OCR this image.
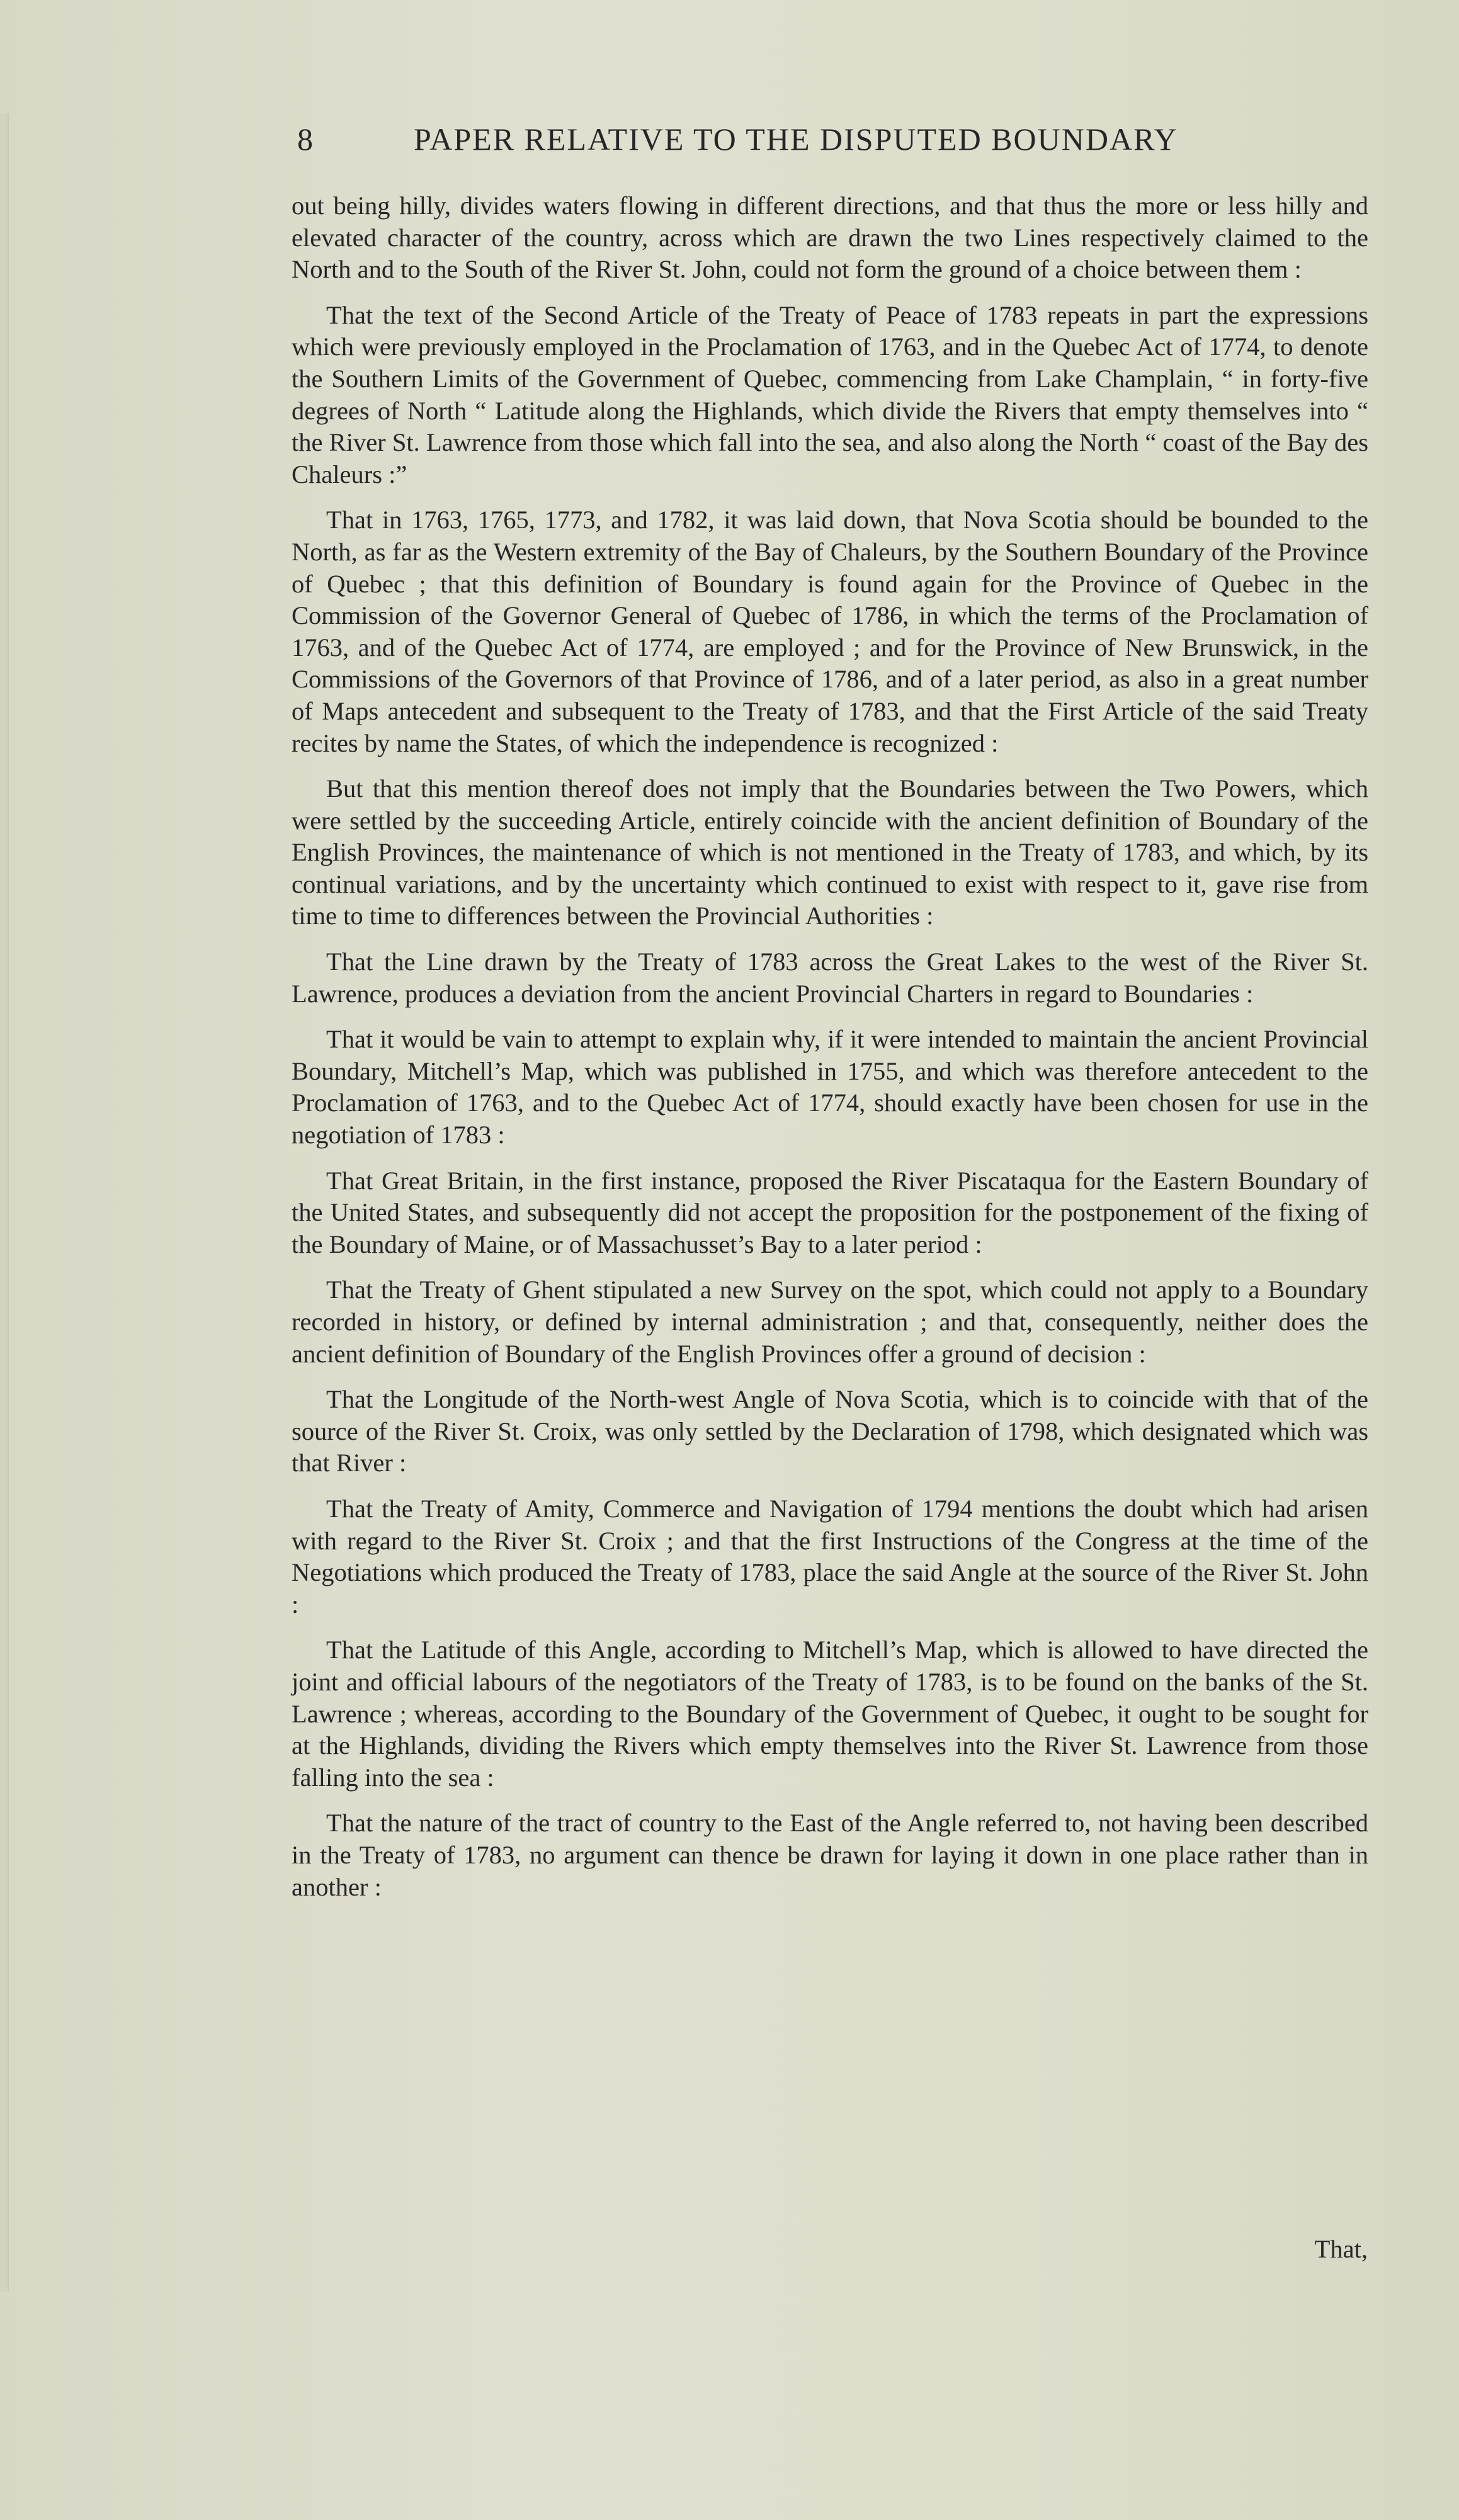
8	PAPER RELATIVE TO THE DISPUTED BOUNDARY

out being hilly, divides waters flowing in different directions, and that thus the more or less hilly and elevated character of the country, across which are drawn the two Lines respectively claimed to the North and to the South of the River St. John, could not form the ground of a choice between them :

That the text of the Second Article of the Treaty of Peace of 1783 repeats in part the expressions which were previously employed in the Proclamation of 1763, and in the Quebec Act of 1774, to denote the Southern Limits of the Government of Quebec, commencing from Lake Champlain, “ in forty-five degrees of North “ Latitude along the Highlands, which divide the Rivers that empty themselves into “ the River St. Lawrence from those which fall into the sea, and also along the North “ coast of the Bay des Chaleurs :”

That in 1763, 1765, 1773, and 1782, it was laid down, that Nova Scotia should be bounded to the North, as far as the Western extremity of the Bay of Chaleurs, by the Southern Boundary of the Province of Quebec ; that this definition of Boundary is found again for the Province of Quebec in the Commission of the Governor General of Quebec of 1786, in which the terms of the Proclamation of 1763, and of the Quebec Act of 1774, are employed ; and for the Province of New Brunswick, in the Commissions of the Governors of that Province of 1786, and of a later period, as also in a great number of Maps antecedent and subsequent to the Treaty of 1783, and that the First Article of the said Treaty recites by name the States, of which the independence is recognized :

But that this mention thereof does not imply that the Boundaries between the Two Powers, which were settled by the succeeding Article, entirely coincide with the ancient definition of Boundary of the English Provinces, the maintenance of which is not mentioned in the Treaty of 1783, and which, by its continual variations, and by the uncertainty which continued to exist with respect to it, gave rise from time to time to differences between the Provincial Authorities :

That the Line drawn by the Treaty of 1783 across the Great Lakes to the west of the River St. Lawrence, produces a deviation from the ancient Provincial Charters in regard to Boundaries :

That it would be vain to attempt to explain why, if it were intended to maintain the ancient Provincial Boundary, Mitchell’s Map, which was published in 1755, and which was therefore antecedent to the Proclamation of 1763, and to the Quebec Act of 1774, should exactly have been chosen for use in the negotiation of 1783 :

That Great Britain, in the first instance, proposed the River Piscataqua for the Eastern Boundary of the United States, and subsequently did not accept the proposition for the postponement of the fixing of the Boundary of Maine, or of Massachusset’s Bay to a later period :

That the Treaty of Ghent stipulated a new Survey on the spot, which could not apply to a Boundary recorded in history, or defined by internal administration ; and that, consequently, neither does the ancient definition of Boundary of the English Provinces offer a ground of decision :

That the Longitude of the North-west Angle of Nova Scotia, which is to coincide with that of the source of the River St. Croix, was only settled by the Declaration of 1798, which designated which was that River :

That the Treaty of Amity, Commerce and Navigation of 1794 mentions the doubt which had arisen with regard to the River St. Croix ; and that the first Instructions of the Congress at the time of the Negotiations which produced the Treaty of 1783, place the said Angle at the source of the River St. John :

That the Latitude of this Angle, according to Mitchell’s Map, which is allowed to have directed the joint and official labours of the negotiators of the Treaty of 1783, is to be found on the banks of the St. Lawrence ; whereas, according to the Boundary of the Government of Quebec, it ought to be sought for at the Highlands, dividing the Rivers which empty themselves into the River St. Lawrence from those falling into the sea :

That the nature of the tract of country to the East of the Angle referred to, not having been described in the Treaty of 1783, no argument can thence be drawn for laying it down in one place rather than in another :

That,
